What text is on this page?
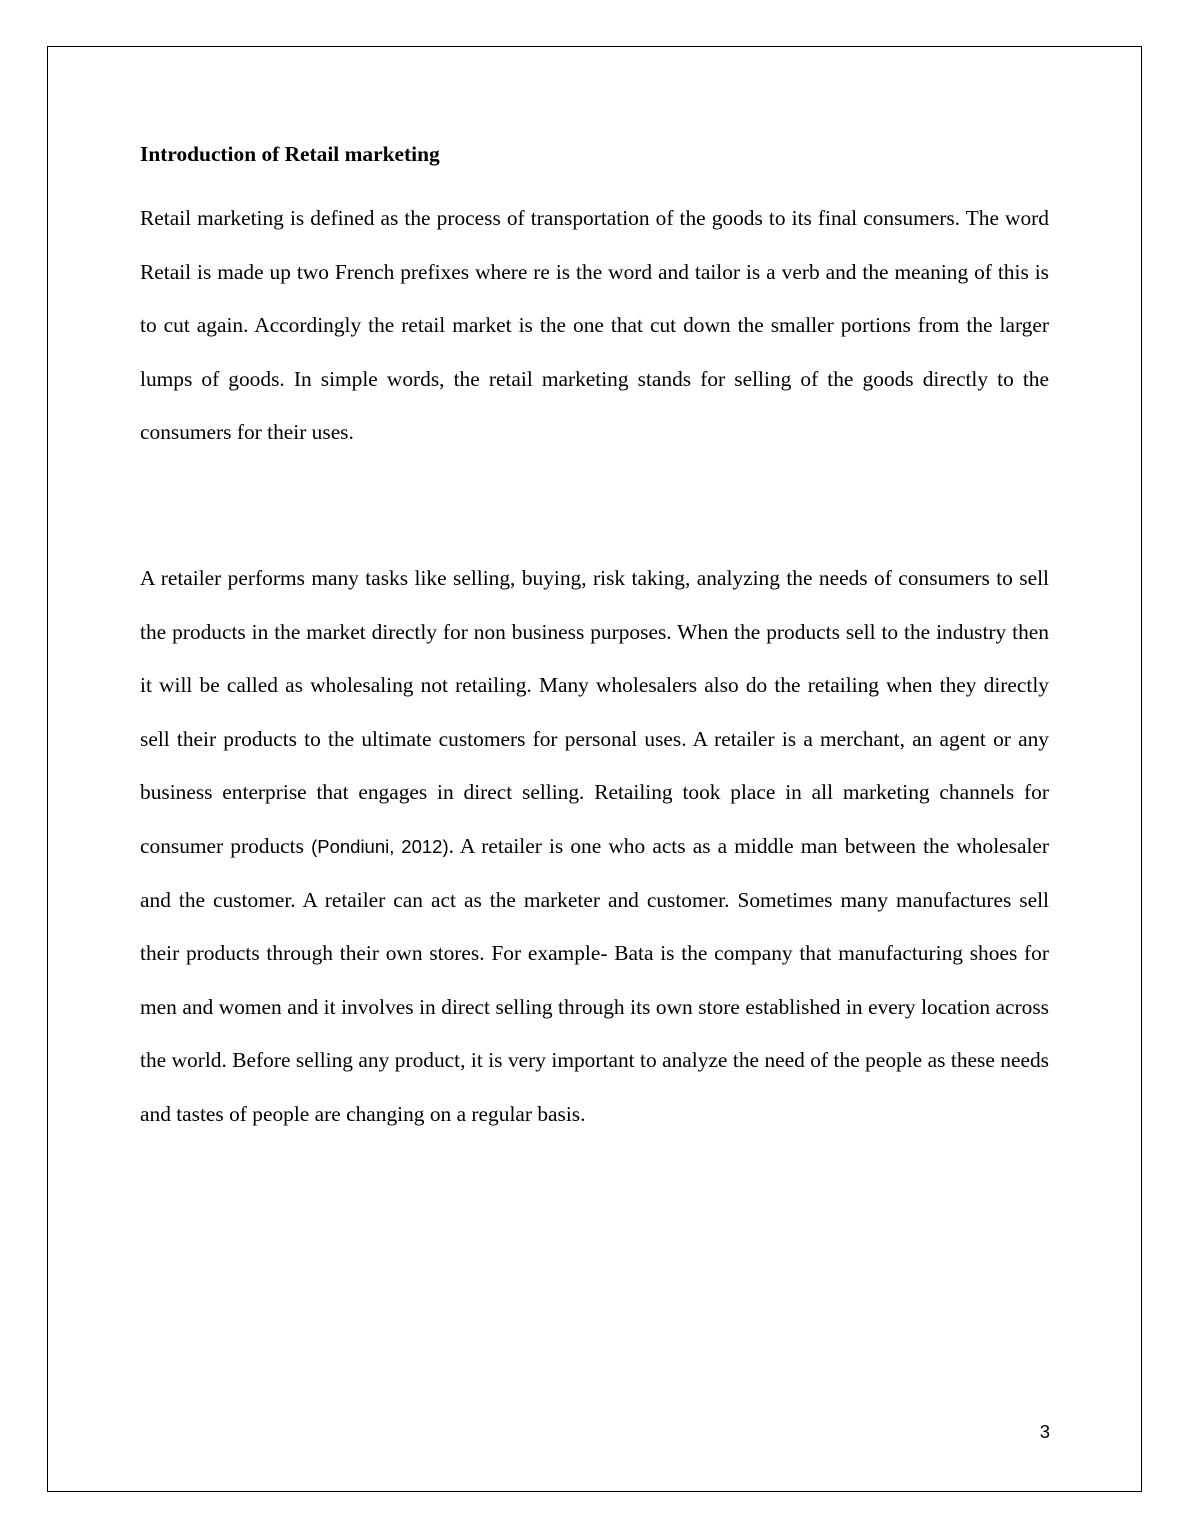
Introduction of Retail marketing

Retail marketing is defined as the process of transportation of the goods to its final consumers. The word Retail is made up two French prefixes where re is the word and tailor is a verb and the meaning of this is to cut again. Accordingly the retail market is the one that cut down the smaller portions from the larger lumps of goods. In simple words, the retail marketing stands for selling of the goods directly to the consumers for their uses.

A retailer performs many tasks like selling, buying, risk taking, analyzing the needs of consumers to sell the products in the market directly for non business purposes. When the products sell to the industry then it will be called as wholesaling not retailing. Many wholesalers also do the retailing when they directly sell their products to the ultimate customers for personal uses. A retailer is a merchant, an agent or any business enterprise that engages in direct selling. Retailing took place in all marketing channels for consumer products (Pondiuni, 2012). A retailer is one who acts as a middle man between the wholesaler and the customer. A retailer can act as the marketer and customer. Sometimes many manufactures sell their products through their own stores. For example- Bata is the company that manufacturing shoes for men and women and it involves in direct selling through its own store established in every location across the world. Before selling any product, it is very important to analyze the need of the people as these needs and tastes of people are changing on a regular basis.

3
